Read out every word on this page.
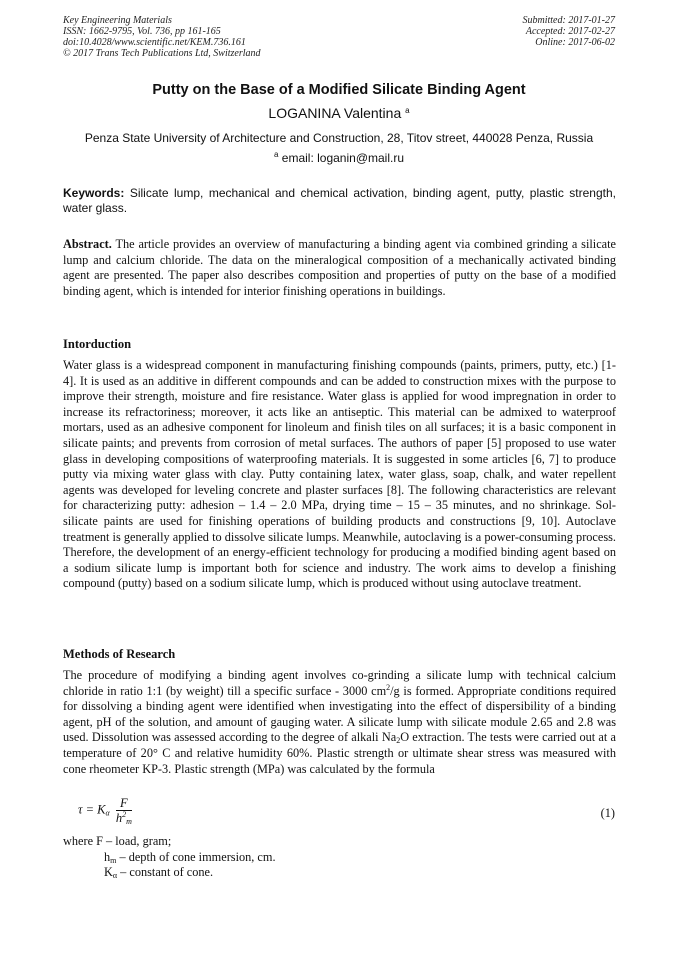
Key Engineering Materials
ISSN: 1662-9795, Vol. 736, pp 161-165
doi:10.4028/www.scientific.net/KEM.736.161
© 2017 Trans Tech Publications Ltd, Switzerland
Submitted: 2017-01-27
Accepted: 2017-02-27
Online: 2017-06-02
Putty on the Base of a Modified Silicate Binding Agent
LOGANINA Valentina $^a$
Penza State University of Architecture and Construction, 28, Titov street, 440028 Penza, Russia
$^a$ email: loganin@mail.ru
Keywords: Silicate lump, mechanical and chemical activation, binding agent, putty, plastic strength, water glass.
Abstract. The article provides an overview of manufacturing a binding agent via combined grinding a silicate lump and calcium chloride. The data on the mineralogical composition of a mechanically activated binding agent are presented. The paper also describes composition and properties of putty on the base of a modified binding agent, which is intended for interior finishing operations in buildings.
Intorduction
Water glass is a widespread component in manufacturing finishing compounds (paints, primers, putty, etc.) [1-4]. It is used as an additive in different compounds and can be added to construction mixes with the purpose to improve their strength, moisture and fire resistance. Water glass is applied for wood impregnation in order to increase its refractoriness; moreover, it acts like an antiseptic. This material can be admixed to waterproof mortars, used as an adhesive component for linoleum and finish tiles on all surfaces; it is a basic component in silicate paints; and prevents from corrosion of metal surfaces. The authors of paper [5] proposed to use water glass in developing compositions of waterproofing materials. It is suggested in some articles [6, 7] to produce putty via mixing water glass with clay. Putty containing latex, water glass, soap, chalk, and water repellent agents was developed for leveling concrete and plaster surfaces [8]. The following characteristics are relevant for characterizing putty: adhesion – 1.4 – 2.0 MPa, drying time – 15 – 35 minutes, and no shrinkage. Sol-silicate paints are used for finishing operations of building products and constructions [9, 10]. Autoclave treatment is generally applied to dissolve silicate lumps. Meanwhile, autoclaving is a power-consuming process. Therefore, the development of an energy-efficient technology for producing a modified binding agent based on a sodium silicate lump is important both for science and industry. The work aims to develop a finishing compound (putty) based on a sodium silicate lump, which is produced without using autoclave treatment.
Methods of Research
The procedure of modifying a binding agent involves co-grinding a silicate lump with technical calcium chloride in ratio 1:1 (by weight) till a specific surface - 3000 $cm^2/g$ is formed. Appropriate conditions required for dissolving a binding agent were identified when investigating into the effect of dispersibility of a binding agent, pH of the solution, and amount of gauging water. A silicate lump with silicate module 2.65 and 2.8 was used. Dissolution was assessed according to the degree of alkali $Na_2O$ extraction. The tests were carried out at a temperature of 20° C and relative humidity 60%. Plastic strength or ultimate shear stress was measured with cone rheometer KP-3. Plastic strength (MPa) was calculated by the formula
$\tau = K_\alpha \frac{F}{h^2_m}$	(1)
where F – load, gram;
$h_m$ – depth of cone immersion, cm.
$K_\alpha$ – constant of cone.
